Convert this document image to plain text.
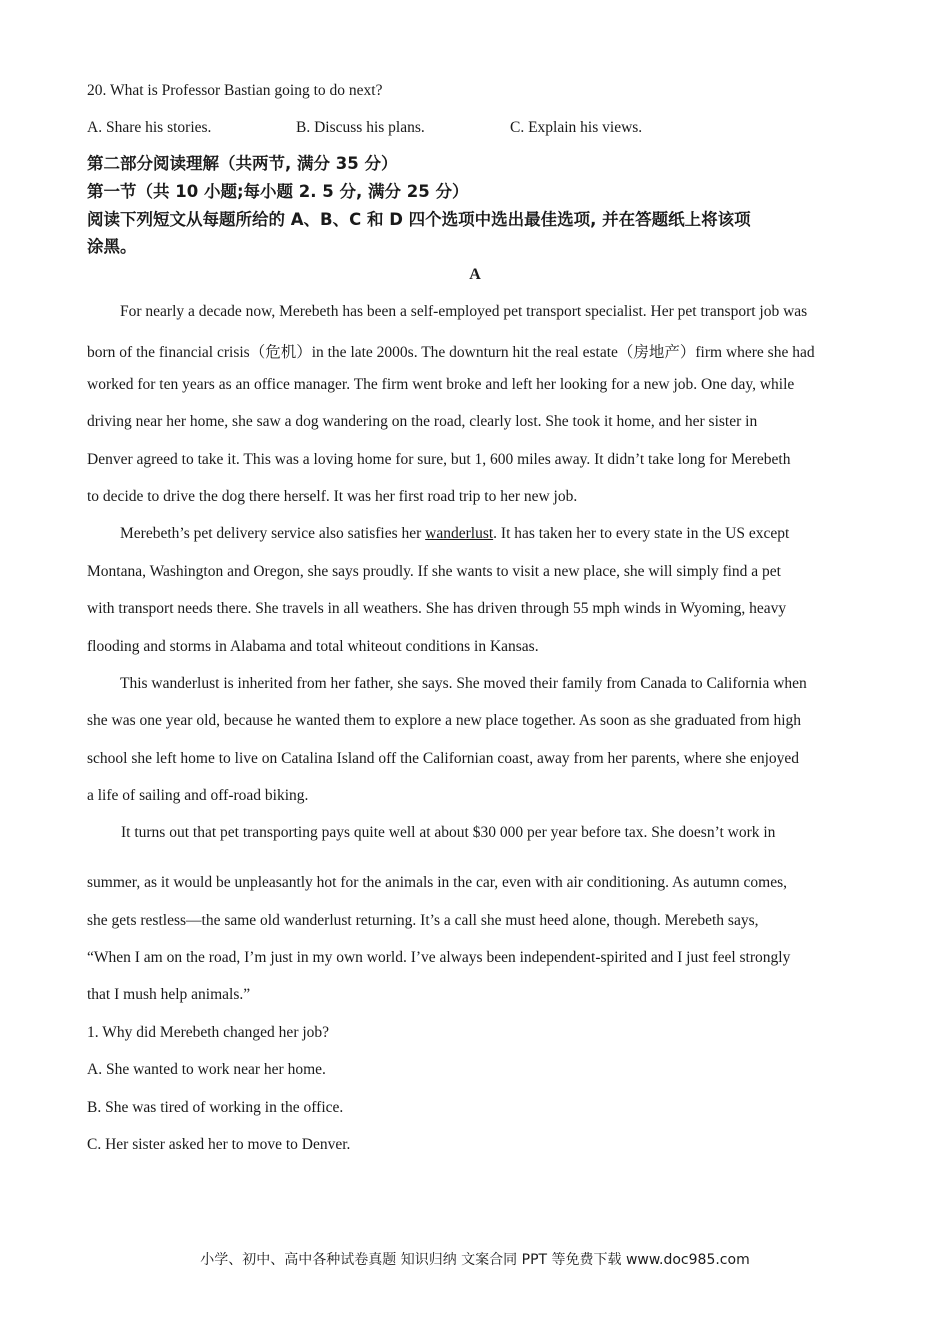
20. What is Professor Bastian going to do next?
A. Share his stories.	B. Discuss his plans.	C. Explain his views.
第二部分阅读理解（共两节, 满分 35 分）
第一节（共 10 小题;每小题 2. 5 分, 满分 25 分）
阅读下列短文从每题所给的 A、B、C 和 D 四个选项中选出最佳选项, 并在答题纸上将该项
涂黑。
A
For nearly a decade now, Merebeth has been a self-employed pet transport specialist. Her pet transport job was
born of the financial crisis（危机）in the late 2000s. The downturn hit the real estate（房地产）firm where she had
worked for ten years as an office manager. The firm went broke and left her looking for a new job. One day, while
driving near her home, she saw a dog wandering on the road, clearly lost. She took it home, and her sister in
Denver agreed to take it. This was a loving home for sure, but 1, 600 miles away. It didn’t take long for Merebeth
to decide to drive the dog there herself. It was her first road trip to her new job.
Merebeth’s pet delivery service also satisfies her wanderlust. It has taken her to every state in the US except
Montana, Washington and Oregon, she says proudly. If she wants to visit a new place, she will simply find a pet
with transport needs there. She travels in all weathers. She has driven through 55 mph winds in Wyoming, heavy
flooding and storms in Alabama and total whiteout conditions in Kansas.
This wanderlust is inherited from her father, she says. She moved their family from Canada to California when
she was one year old, because he wanted them to explore a new place together. As soon as she graduated from high
school she left home to live on Catalina Island off the Californian coast, away from her parents, where she enjoyed
a life of sailing and off-road biking.
It turns out that pet transporting pays quite well at about $30 000 per year before tax. She doesn’t work in
summer, as it would be unpleasantly hot for the animals in the car, even with air conditioning. As autumn comes,
she gets restless—the same old wanderlust returning. It’s a call she must heed alone, though. Merebeth says,
“When I am on the road, I’m just in my own world. I’ve always been independent-spirited and I just feel strongly
that I mush help animals.”
1. Why did Merebeth changed her job?
A. She wanted to work near her home.
B. She was tired of working in the office.
C. Her sister asked her to move to Denver.
小学、初中、高中各种试卷真题 知识归纳 文案合同 PPT 等免费下载 www.doc985.com
